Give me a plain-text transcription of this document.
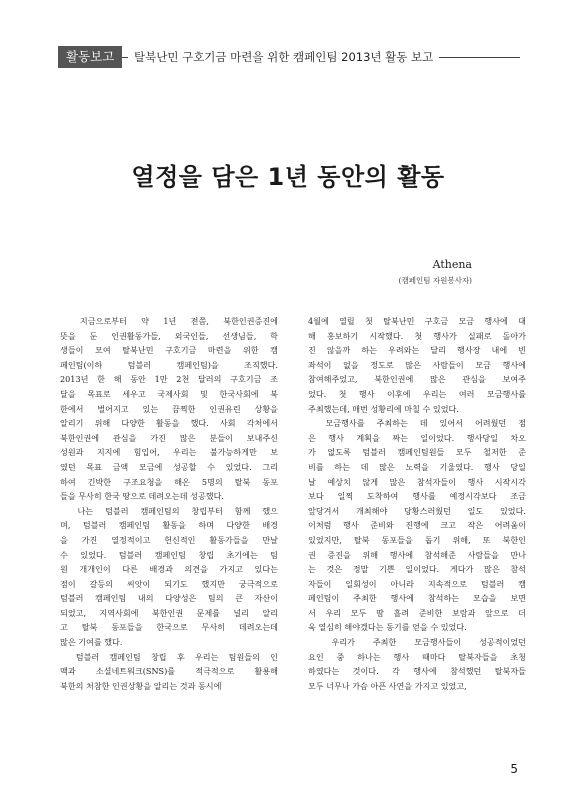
활동보고	탈북난민 구호기금 마련을 위한 캠페인팀 2013년 활동 보고
열정을 담은 1년 동안의 활동
Athena
(캠페인팀 자원봉사자)
　지금으로부터 약 1년 전쯤, 북한인권증진에
뜻을 둔 인권활동가들, 외국인들, 선생님들, 학
생들이 모여 탈북난민 구호기금 마련을 위한 캠
페인팀(이하 텀블러 캠페인팀)을 조직했다.
2013년 한 해 동안 1만 2천 달러의 구호기금 조
달을 목표로 세우고 국제사회 및 한국사회에 북
한에서 벌어지고 있는 끔찍한 인권유린 상황을
알리기 위해 다양한 활동을 했다. 사회 각처에서
북한인권에 관심을 가진 많은 분들이 보내주신
성원과 지지에 힘입어, 우리는 불가능하게만 보
였던 목표 금액 모금에 성공할 수 있었다. 그리
하여 긴박한 구조요청을 해온 5명의 탈북 동포
들을 무사히 한국 땅으로 데려오는데 성공했다.
　나는 텀블러 캠페인팀의 창립부터 함께 했으
며, 텀블러 캠페인팀 활동을 하며 다양한 배경
을 가진 열정적이고 헌신적인 활동가들을 만날
수 있었다. 텀블러 캠페인팀 창립 초기에는 팀
원 개개인이 다른 배경과 의견을 가지고 있다는
점이 갈등의 씨앗이 되기도 했지만 궁극적으로
텀블러 캠페인팀 내의 다양성은 팀의 큰 자산이
되었고, 지역사회에 북한인권 문제를 널리 알리
고 탈북 동포들을 한국으로 무사히 데려오는데
많은 기여를 했다.
　텀블러 캠페인팀 창립 후 우리는 팀원들의 인
맥과 소셜네트워크(SNS)를 적극적으로 활용해
북한의 처참한 인권상황을 알리는 것과 동시에
4월에 열릴 첫 탈북난민 구호금 모금 행사에 대
해 홍보하기 시작했다. 첫 행사가 실패로 돌아가
진 않을까 하는 우려와는 달리 행사장 내에 빈
좌석이 없을 정도로 많은 사람들이 모금 행사에
참여해주었고, 북한인권에 많은 관심을 보여주
었다. 첫 행사 이후에 우리는 여러 모금행사를
주최했는데, 매번 성황리에 마칠 수 있었다.
　모금행사를 주최하는 데 있어서 어려웠던 점
은 행사 계획을 짜는 일이었다. 행사당일 차오
가 없도록 텀블러 캠페인팀원들 모두 철저한 준
비를 하는 데 많은 노력을 기울였다. 행사 당일
날 예상치 않게 많은 참석자들이 행사 시작시각
보다 일찍 도착하여 행사를 예정시각보다 조금
앞당겨서 개최해야 당황스러웠던 일도 있었다.
이처럼 행사 준비와 진행에 크고 작은 어려움이
있었지만, 탈북 동포들을 돕기 위해, 또 북한인
권 증진을 위해 행사에 참석해준 사람들을 만나
는 것은 정말 기쁜 일이었다. 게다가 많은 참석
자들이 일회성이 아니라 지속적으로 텀블러 캠
페인팀이 주최한 행사에 참석하는 모습을 보면
서 우리 모두 땀 흘려 준비한 보람과 앞으로 더
욱 열심히 해야겠다는 동기를 얻을 수 있었다.
　우리가 주최한 모금행사들이 성공적이었던
요인 중 하나는 행사 때마다 탈북자들을 초청
하였다는 것이다. 각 행사에 참석했던 탈북자들
모두 너무나 가슴 아픈 사연을 가지고 있었고,
5
